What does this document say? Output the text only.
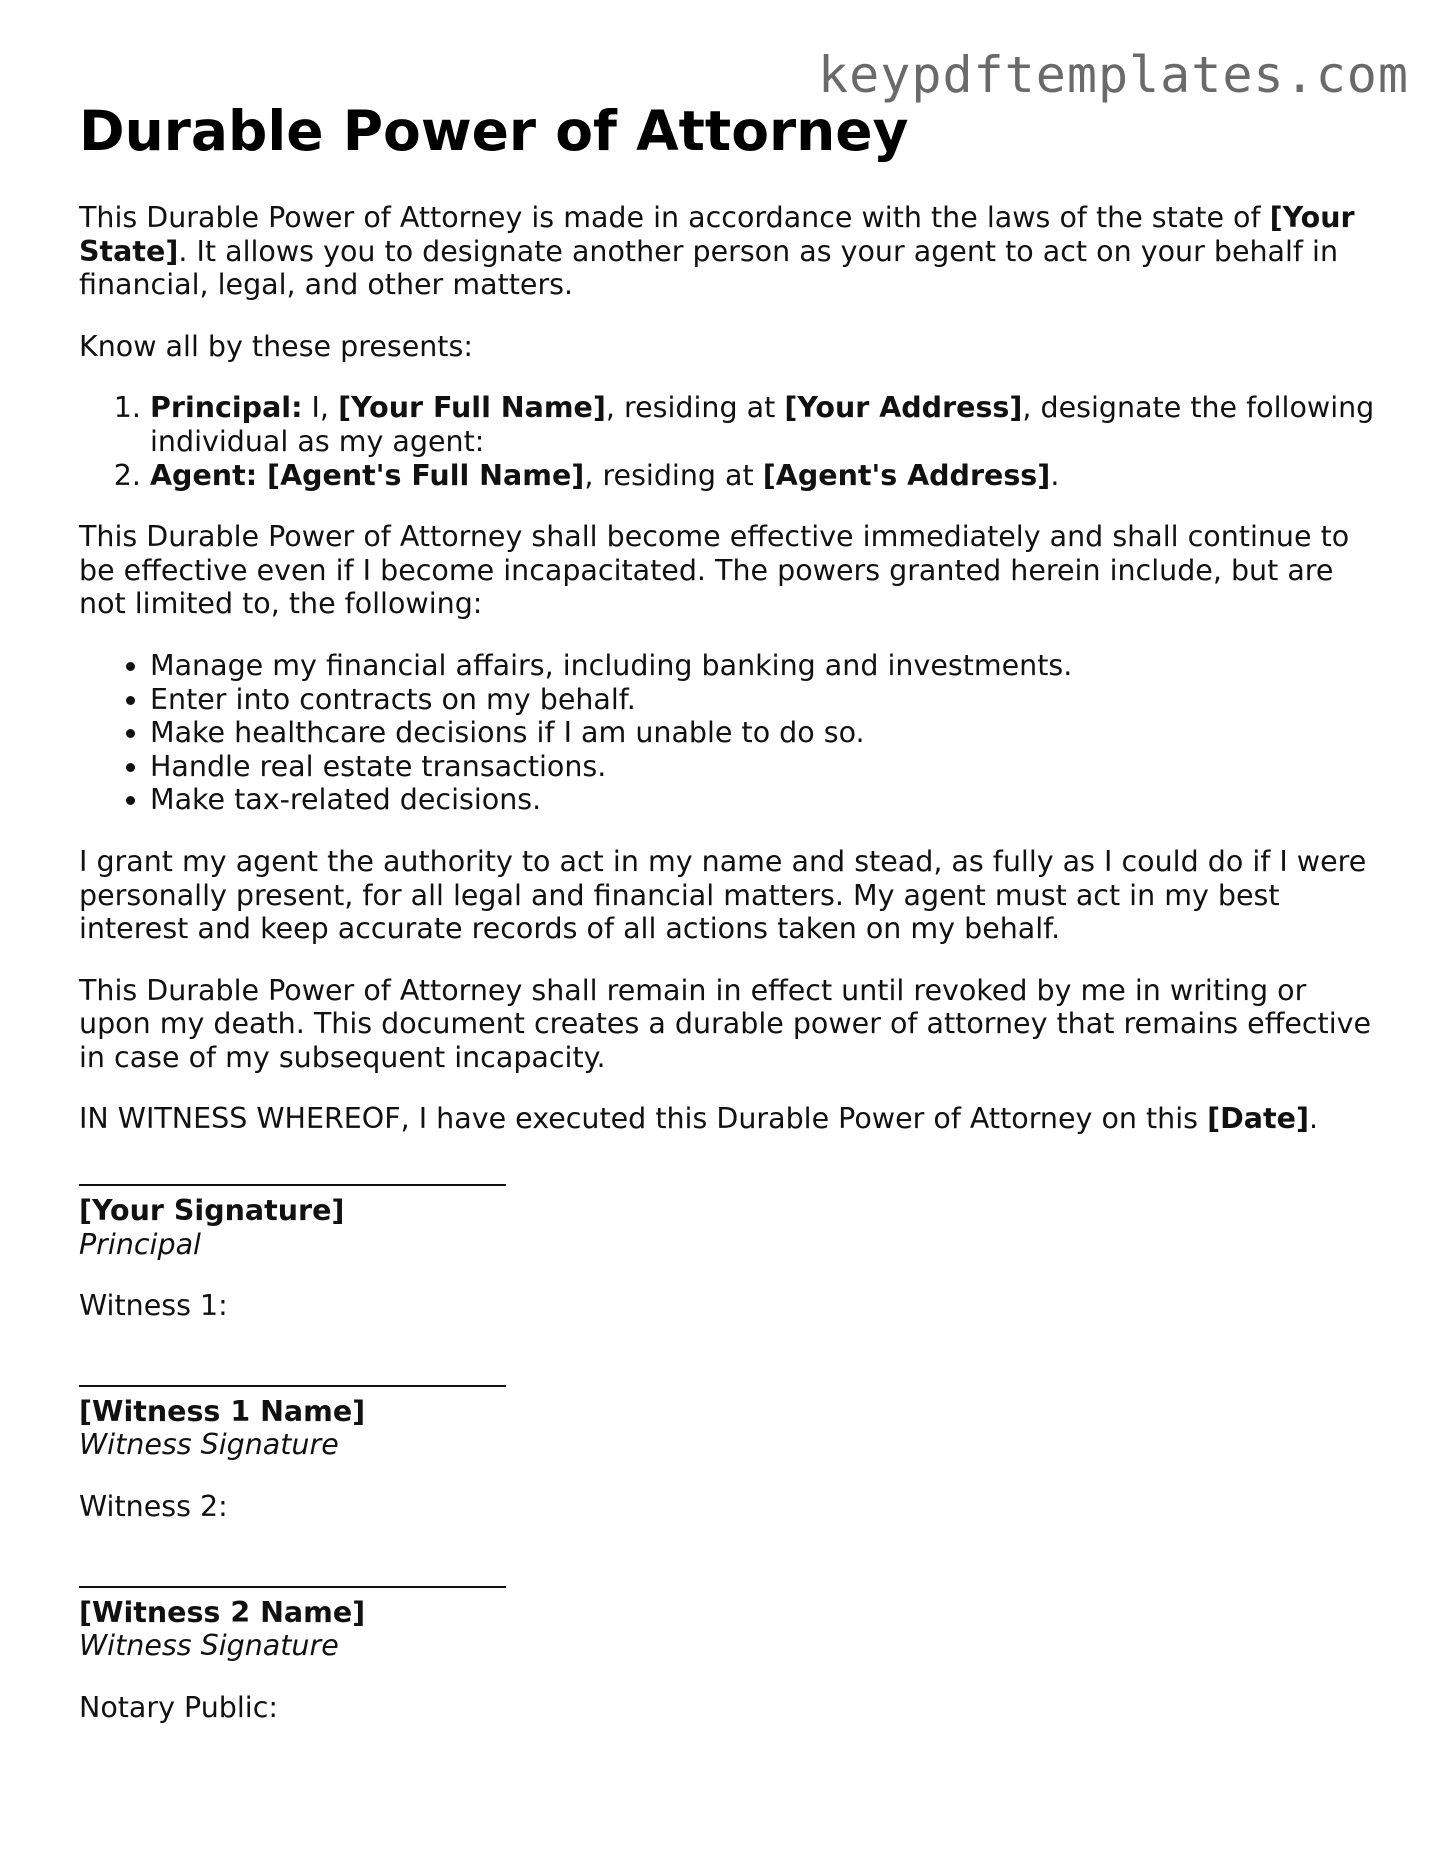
keypdftemplates.com
Durable Power of Attorney

This Durable Power of Attorney is made in accordance with the laws of the state of [Your State]. It allows you to designate another person as your agent to act on your behalf in financial, legal, and other matters.

Know all by these presents:

1. Principal: I, [Your Full Name], residing at [Your Address], designate the following individual as my agent:
2. Agent: [Agent's Full Name], residing at [Agent's Address].

This Durable Power of Attorney shall become effective immediately and shall continue to be effective even if I become incapacitated. The powers granted herein include, but are not limited to, the following:

• Manage my financial affairs, including banking and investments.
• Enter into contracts on my behalf.
• Make healthcare decisions if I am unable to do so.
• Handle real estate transactions.
• Make tax-related decisions.

I grant my agent the authority to act in my name and stead, as fully as I could do if I were personally present, for all legal and financial matters. My agent must act in my best interest and keep accurate records of all actions taken on my behalf.

This Durable Power of Attorney shall remain in effect until revoked by me in writing or upon my death. This document creates a durable power of attorney that remains effective in case of my subsequent incapacity.

IN WITNESS WHEREOF, I have executed this Durable Power of Attorney on this [Date].

[Your Signature]
Principal
Witness 1:
[Witness 1 Name]
Witness Signature
Witness 2:
[Witness 2 Name]
Witness Signature
Notary Public:
